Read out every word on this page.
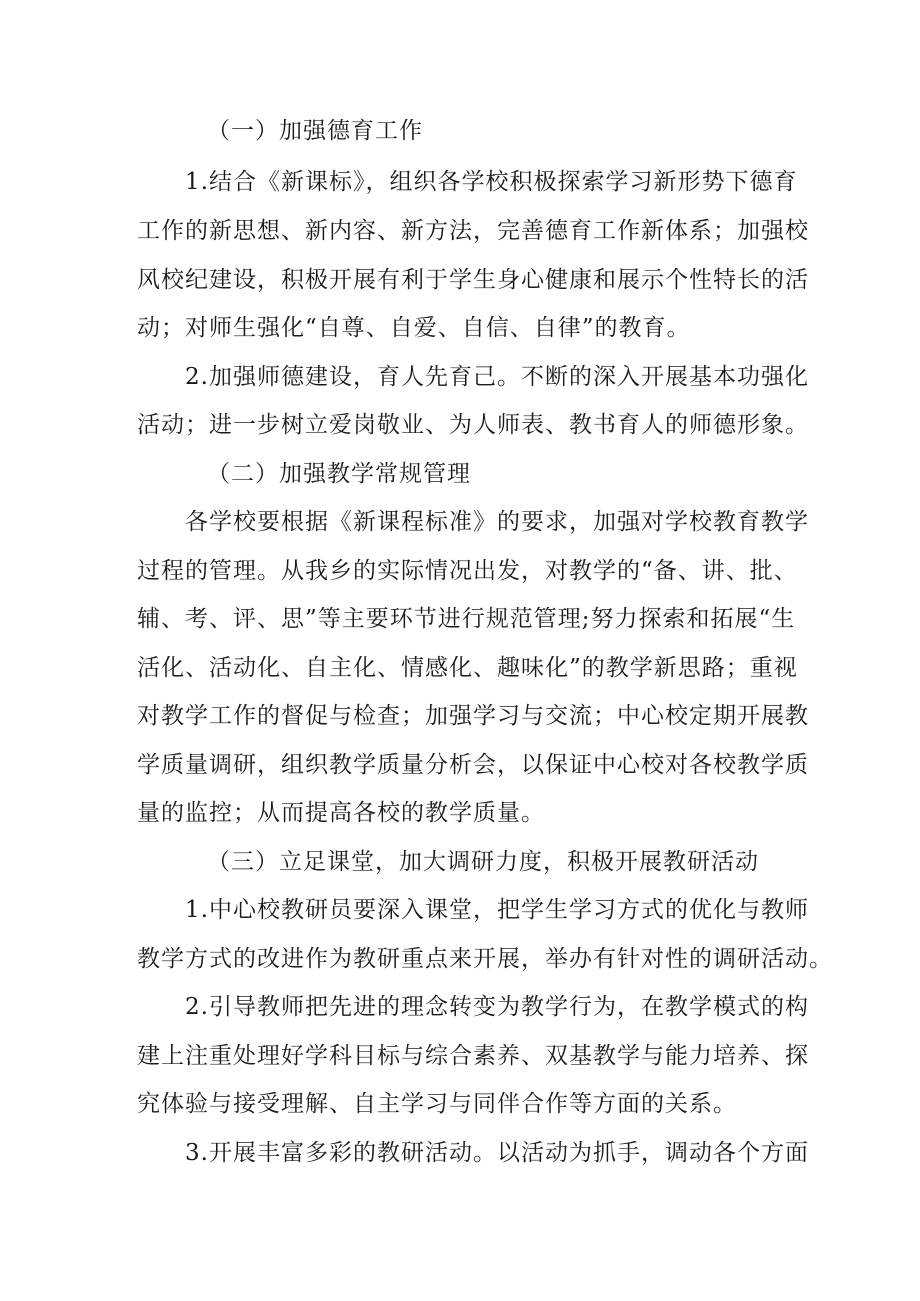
（一）加强德育工作
1.结合《新课标》，组织各学校积极探索学习新形势下德育
工作的新思想、新内容、新方法，完善德育工作新体系；加强校
风校纪建设，积极开展有利于学生身心健康和展示个性特长的活
动；对师生强化“自尊、自爱、自信、自律”的教育。
2.加强师德建设，育人先育己。不断的深入开展基本功强化
活动；进一步树立爱岗敬业、为人师表、教书育人的师德形象。
（二）加强教学常规管理
各学校要根据《新课程标准》的要求，加强对学校教育教学
过程的管理。从我乡的实际情况出发，对教学的“备、讲、批、
辅、考、评、思”等主要环节进行规范管理;努力探索和拓展“生
活化、活动化、自主化、情感化、趣味化”的教学新思路；重视
对教学工作的督促与检查；加强学习与交流；中心校定期开展教
学质量调研，组织教学质量分析会，以保证中心校对各校教学质
量的监控；从而提高各校的教学质量。
（三）立足课堂，加大调研力度，积极开展教研活动
1.中心校教研员要深入课堂，把学生学习方式的优化与教师
教学方式的改进作为教研重点来开展，举办有针对性的调研活动。
2.引导教师把先进的理念转变为教学行为，在教学模式的构
建上注重处理好学科目标与综合素养、双基教学与能力培养、探
究体验与接受理解、自主学习与同伴合作等方面的关系。
3.开展丰富多彩的教研活动。以活动为抓手，调动各个方面
